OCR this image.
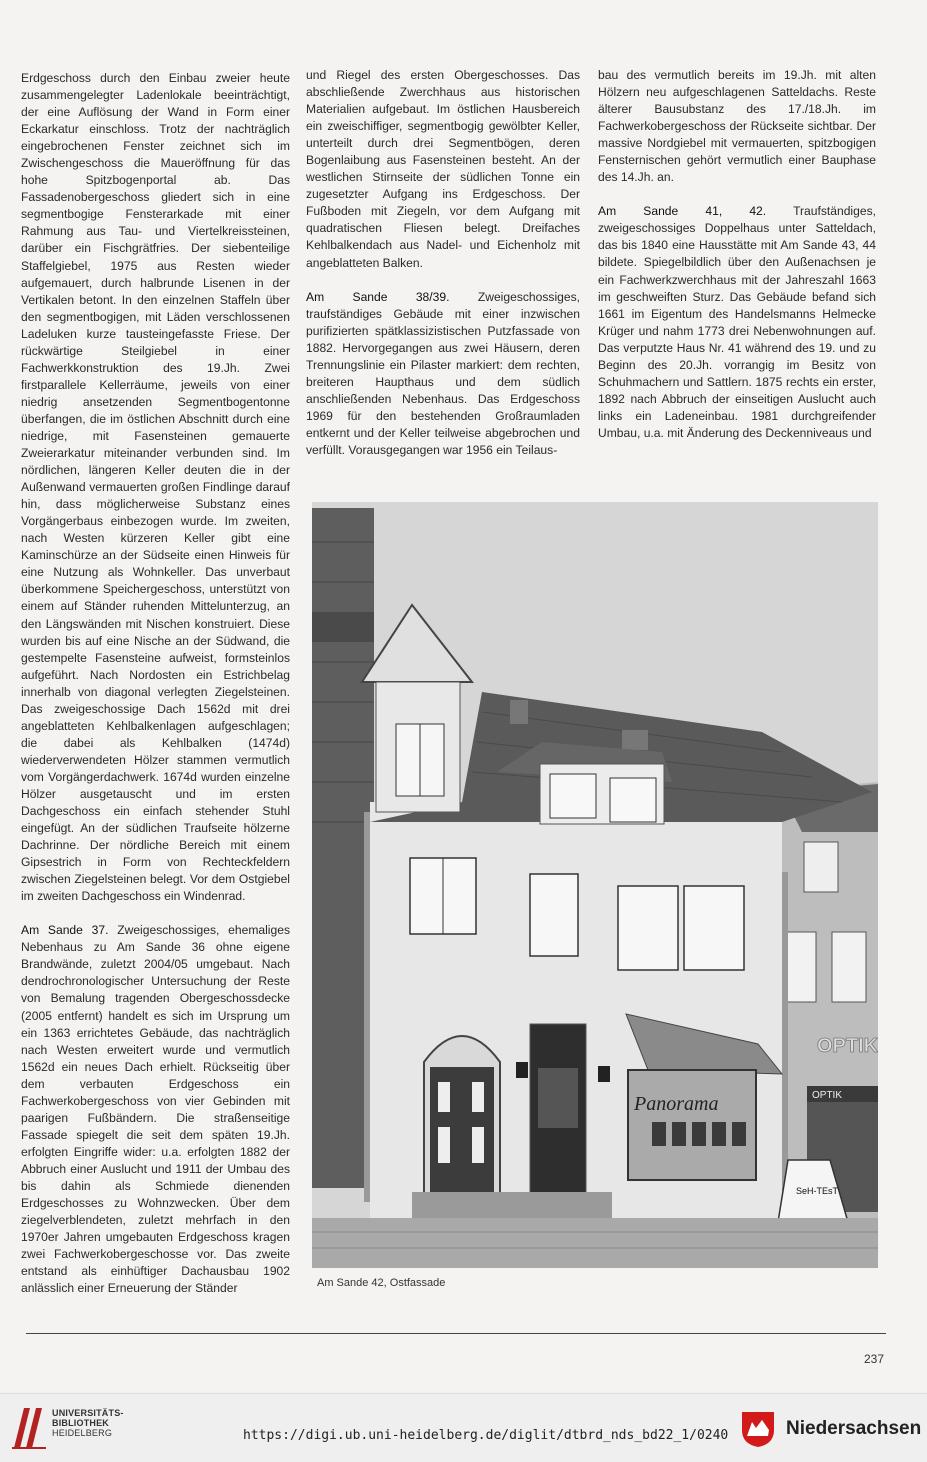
Erdgeschoss durch den Einbau zweier heute zusammengelegter Ladenlokale beeinträchtigt, der eine Auflösung der Wand in Form einer Eckarkatur einschloss. Trotz der nachträglich eingebrochenen Fenster zeichnet sich im Zwischengeschoss die Maueröffnung für das hohe Spitzbogenportal ab. Das Fassadenobergeschoss gliedert sich in eine segmentbogige Fensterarkade mit einer Rahmung aus Tau- und Viertelkreissteinen, darüber ein Fischgrätfries. Der siebenteilige Staffelgiebel, 1975 aus Resten wieder aufgemauert, durch halbrunde Lisenen in der Vertikalen betont. In den einzelnen Staffeln über den segmentbogigen, mit Läden verschlossenen Ladeluken kurze tausteingefasste Friese. Der rückwärtige Steilgiebel in einer Fachwerkkonstruktion des 19.Jh. Zwei firstparallele Kellerräume, jeweils von einer niedrig ansetzenden Segmentbogentonne überfangen, die im östlichen Abschnitt durch eine niedrige, mit Fasensteinen gemauerte Zweierarkatur miteinander verbunden sind. Im nördlichen, längeren Keller deuten die in der Außenwand vermauerten großen Findlinge darauf hin, dass möglicherweise Substanz eines Vorgängerbaus einbezogen wurde. Im zweiten, nach Westen kürzeren Keller gibt eine Kaminschürze an der Südseite einen Hinweis für eine Nutzung als Wohnkeller. Das unverbaut überkommene Speichergeschoss, unterstützt von einem auf Ständer ruhenden Mittelunterzug, an den Längswänden mit Nischen konstruiert. Diese wurden bis auf eine Nische an der Südwand, die gestempelte Fasensteine aufweist, formsteinlos aufgeführt. Nach Nordosten ein Estrichbelag innerhalb von diagonal verlegten Ziegelsteinen. Das zweigeschossige Dach 1562d mit drei angeblatteten Kehlbalkenlagen aufgeschlagen; die dabei als Kehlbalken (1474d) wiederverwendeten Hölzer stammen vermutlich vom Vorgängerdachwerk. 1674d wurden einzelne Hölzer ausgetauscht und im ersten Dachgeschoss ein einfach stehender Stuhl eingefügt. An der südlichen Traufseite hölzerne Dachrinne. Der nördliche Bereich mit einem Gipsestrich in Form von Rechteckfeldern zwischen Ziegelsteinen belegt. Vor dem Ostgiebel im zweiten Dachgeschoss ein Windenrad.

Am Sande 37. Zweigeschossiges, ehemaliges Nebenhaus zu Am Sande 36 ohne eigene Brandwände, zuletzt 2004/05 umgebaut. Nach dendrochronologischer Untersuchung der Reste von Bemalung tragenden Obergeschossdecke (2005 entfernt) handelt es sich im Ursprung um ein 1363 errichtetes Gebäude, das nachträglich nach Westen erweitert wurde und vermutlich 1562d ein neues Dach erhielt. Rückseitig über dem verbauten Erdgeschoss ein Fachwerkobergeschoss von vier Gebinden mit paarigen Fußbändern. Die straßenseitige Fassade spiegelt die seit dem späten 19.Jh. erfolgten Eingriffe wider: u.a. erfolgten 1882 der Abbruch einer Auslucht und 1911 der Umbau des bis dahin als Schmiede dienenden Erdgeschosses zu Wohnzwecken. Über dem ziegelverblendeten, zuletzt mehrfach in den 1970er Jahren umgebauten Erdgeschoss kragen zwei Fachwerkobergeschosse vor. Das zweite entstand als einhüftiger Dachausbau 1902 anlässlich einer Erneuerung der Ständer

und Riegel des ersten Obergeschosses. Das abschließende Zwerchhaus aus historischen Materialien aufgebaut. Im östlichen Hausbereich ein zweischiffiger, segmentbogig gewölbter Keller, unterteilt durch drei Segmentbögen, deren Bogenlaibung aus Fasensteinen besteht. An der westlichen Stirnseite der südlichen Tonne ein zugesetzter Aufgang ins Erdgeschoss. Der Fußboden mit Ziegeln, vor dem Aufgang mit quadratischen Fliesen belegt. Dreifaches Kehlbalkendach aus Nadel- und Eichenholz mit angeblatteten Balken.

Am Sande 38/39. Zweigeschossiges, traufständiges Gebäude mit einer inzwischen purifizierten spätklassizistischen Putzfassade von 1882. Hervorgegangen aus zwei Häusern, deren Trennungslinie ein Pilaster markiert: dem rechten, breiteren Haupthaus und dem südlich anschließenden Nebenhaus. Das Erdgeschoss 1969 für den bestehenden Großraumladen entkernt und der Keller teilweise abgebrochen und verfüllt. Vorausgegangen war 1956 ein Teilaus-

bau des vermutlich bereits im 19.Jh. mit alten Hölzern neu aufgeschlagenen Satteldachs. Reste älterer Bausubstanz des 17./18.Jh. im Fachwerkobergeschoss der Rückseite sichtbar. Der massive Nordgiebel mit vermauerten, spitzbogigen Fensternischen gehört vermutlich einer Bauphase des 14.Jh. an.

Am Sande 41, 42. Traufständiges, zweigeschossiges Doppelhaus unter Satteldach, das bis 1840 eine Hausstätte mit Am Sande 43, 44 bildete. Spiegelbildlich über den Außenachsen je ein Fachwerkzwerchhaus mit der Jahreszahl 1663 im geschweiften Sturz. Das Gebäude befand sich 1661 im Eigentum des Handelsmanns Helmecke Krüger und nahm 1773 drei Nebenwohnungen auf. Das verputzte Haus Nr. 41 während des 19. und zu Beginn des 20.Jh. vorrangig im Besitz von Schuhmachern und Sattlern. 1875 rechts ein erster, 1892 nach Abbruch der einseitigen Auslucht auch links ein Ladeneinbau. 1981 durchgreifender Umbau, u.a. mit Änderung des Deckenniveaus und

OPTIK
OPTIK
Panorama
SeH-TEsT
Am Sande 42, Ostfassade
237
UNIVERSITÄTS-
BIBLIOTHEK
HEIDELBERG	https://digi.ub.uni-heidelberg.de/diglit/dtbrd_nds_bd22_1/0240	Niedersachsen
